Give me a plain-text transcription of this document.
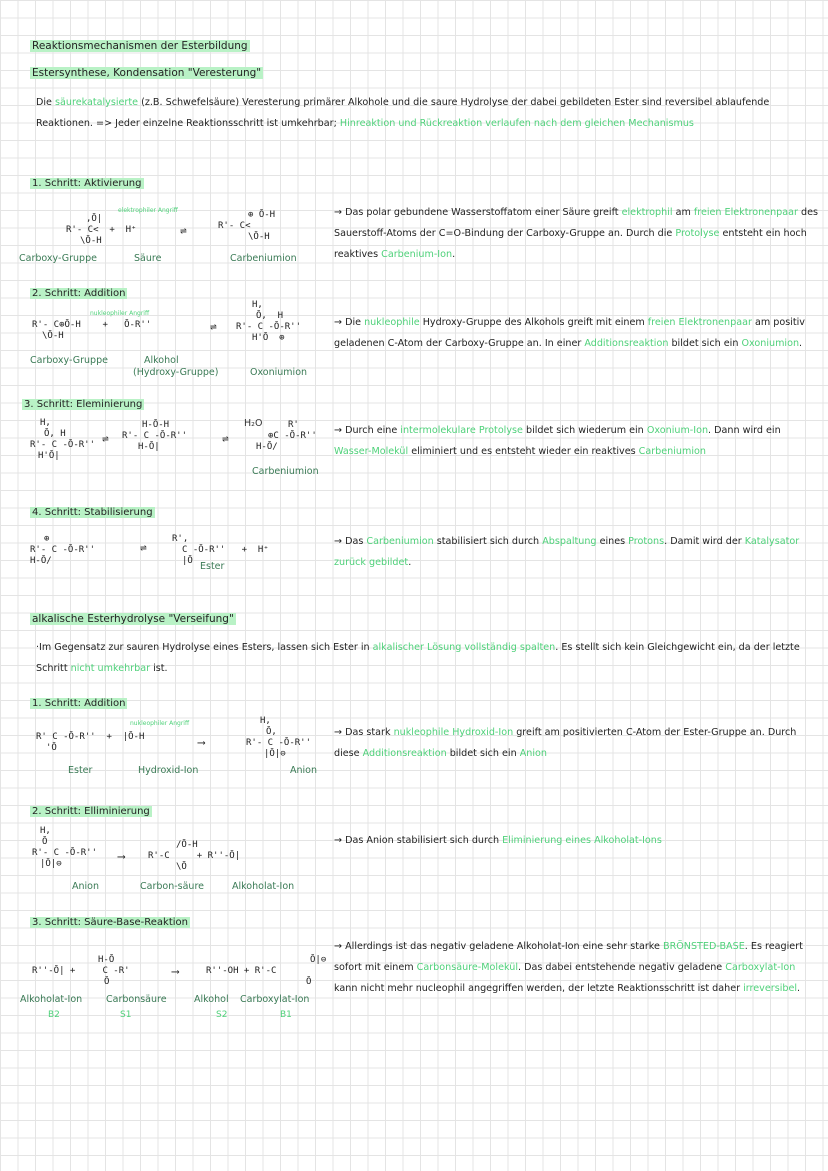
Reaktionsmechanismen der Esterbildung
Estersynthese, Kondensation "Veresterung"
Die säurekatalysierte (z.B. Schwefelsäure) Veresterung primärer Alkohole und die saure Hydrolyse der dabei gebildeten Ester sind reversibel ablaufende Reaktionen. => Jeder einzelne Reaktionsschritt ist umkehrbar; Hinreaktion und Rückreaktion verlaufen nach dem gleichen Mechanismus
1. Schritt: Aktivierung
2. Schritt: Addition
3. Schritt: Eleminierung
4. Schritt: Stabilisierung
,Ō|
R'- C<  +  H⁺
\Ō-H
elektrophiler Angriff
⇌
⊕ Ō-H
R'- C<
\Ō-H
Carboxy-Gruppe	Säure	Carbeniumion
nukleophiler Angriff
R'- C⊕Ō-H    +   Ō-R''
\Ō-H
⇌
H,
Ō,  H
R'- C -Ō-R''
H'Ō  ⊕
Carboxy-Gruppe	Alkohol
(Hydroxy-Gruppe)	Oxoniumion
H,
Ō, H
R'- C -Ō-R''
H'Ō|
⇌
H-Ō-H
R'- C -Ō-R''
H-Ō|
⇌
H₂O	R'
⊕C -Ō-R''
H-Ō/
Carbeniumion
⊕
R'- C -Ō-R''
H-Ō/
⇌
R',
C -Ō-R''   +  H⁺
|Ō Ester
→ Das polar gebundene Wasserstoffatom einer Säure greift elektrophil am freien Elektronenpaar des Sauerstoff-Atoms der C=O-Bindung der Carboxy-Gruppe an. Durch die Protolyse entsteht ein hoch reaktives Carbenium-Ion.
→ Die nukleophile Hydroxy-Gruppe des Alkohols greift mit einem freien Elektronenpaar am positiv geladenen C-Atom der Carboxy-Gruppe an. In einer Additionsreaktion bildet sich ein Oxoniumion.
→ Durch eine intermolekulare Protolyse bildet sich wiederum ein Oxonium-Ion. Dann wird ein Wasser-Molekül eliminiert und es entsteht wieder ein reaktives Carbeniumion
→ Das Carbeniumion stabilisiert sich durch Abspaltung eines Protons. Damit wird der Katalysator zurück gebildet.
alkalische Esterhydrolyse "Verseifung"
·Im Gegensatz zur sauren Hydrolyse eines Esters, lassen sich Ester in alkalischer Lösung vollständig spalten. Es stellt sich kein Gleichgewicht ein, da der letzte Schritt nicht umkehrbar ist.
1. Schritt: Addition
2. Schritt: Elliminierung
3. Schritt: Säure-Base-Reaktion
nukleophiler Angriff
R' C -Ō-R''  +  |Ō-H
'Ō	⟶
H,
Ō,
R'- C -Ō-R''
|Ō|⊖
Ester	Hydroxid-Ion	Anion
H,
Ō
R'- C -Ō-R''
|Ō|⊖
⟶
/Ō-H
R'-C     + R''-Ō|
\Ō
Anion	Carbon-säure	Alkoholat-Ion
H-Ō
R''-Ō| +     C -R'
Ō
⟶
Ō|⊖
R''-OH + R'-C
Ō
Alkoholat-Ion	Carbonsäure	Alkohol Carboxylat-Ion
B2	S1	S2	B1
→ Das stark nukleophile Hydroxid-Ion greift am positivierten C-Atom der Ester-Gruppe an. Durch diese Additionsreaktion bildet sich ein Anion
→ Das Anion stabilisiert sich durch Eliminierung eines Alkoholat-Ions
→ Allerdings ist das negativ geladene Alkoholat-Ion eine sehr starke BRÖNSTED-BASE. Es reagiert sofort mit einem Carbonsäure-Molekül. Das dabei entstehende negativ geladene Carboxylat-Ion kann nicht mehr nucleophil angegriffen werden, der letzte Reaktionsschritt ist daher irreversibel.
